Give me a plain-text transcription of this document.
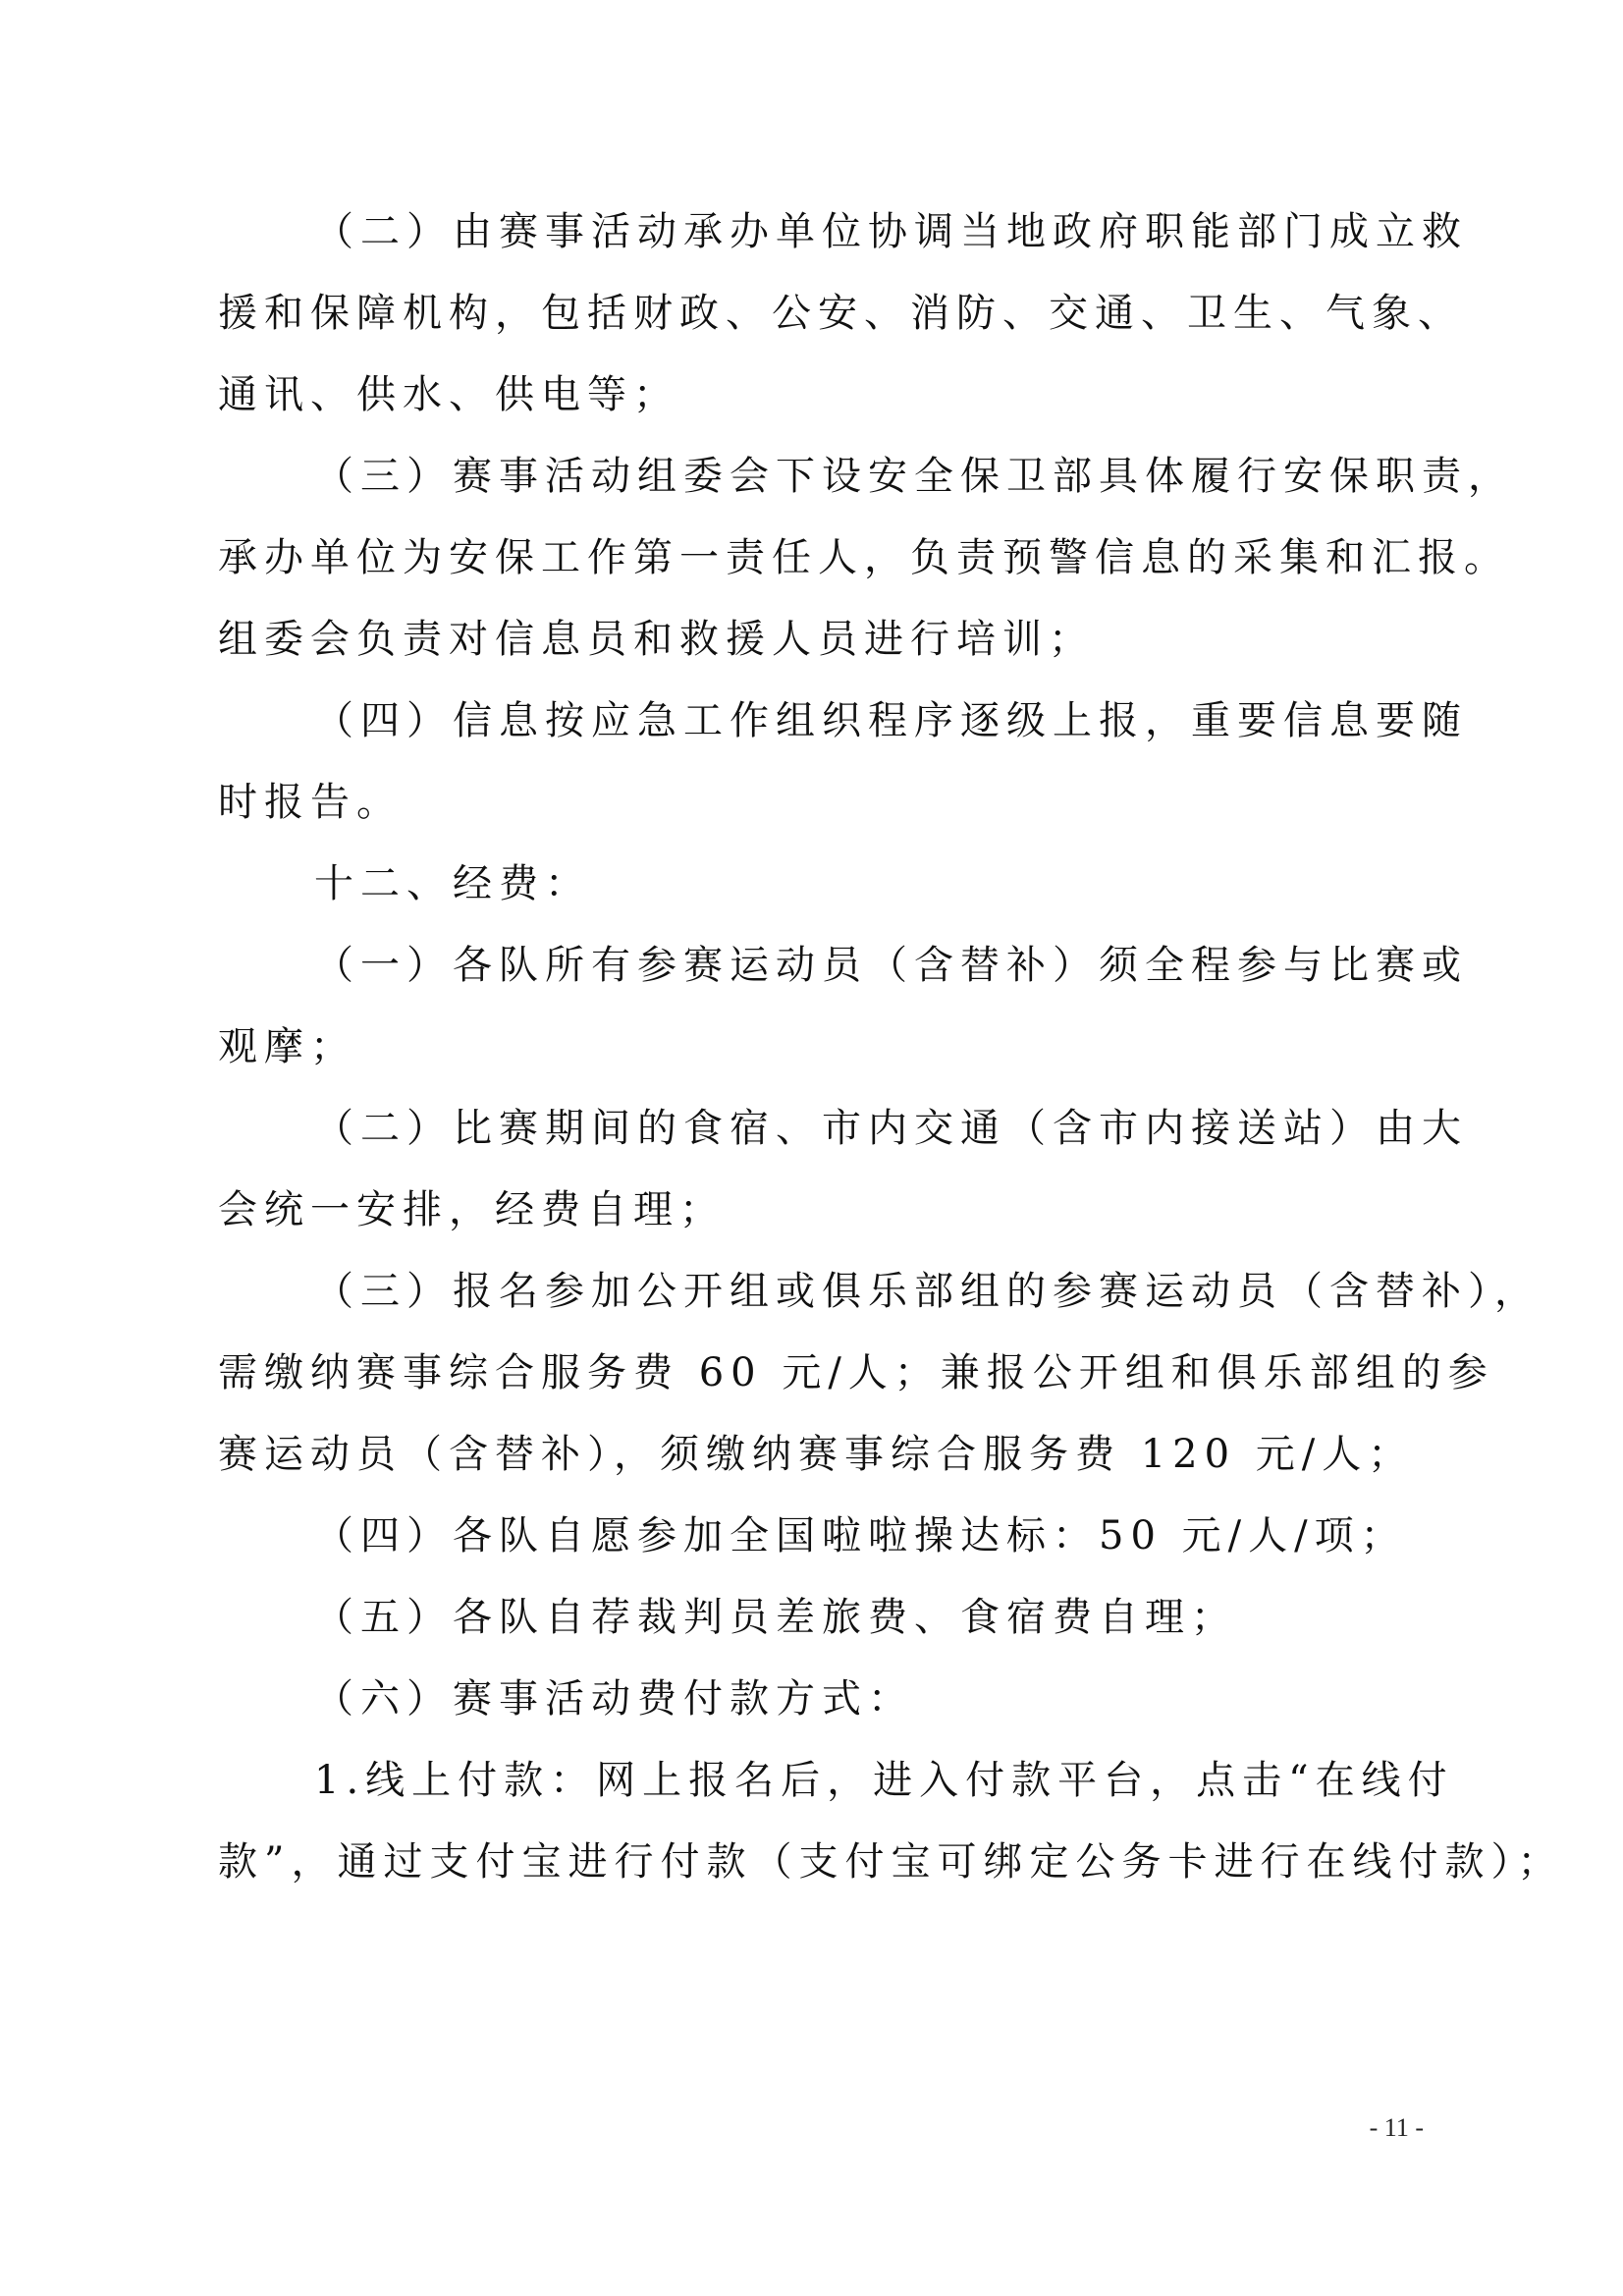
（二）由赛事活动承办单位协调当地政府职能部门成立救
援和保障机构，包括财政、公安、消防、交通、卫生、气象、
通讯、供水、供电等；
（三）赛事活动组委会下设安全保卫部具体履行安保职责，
承办单位为安保工作第一责任人，负责预警信息的采集和汇报。
组委会负责对信息员和救援人员进行培训；
（四）信息按应急工作组织程序逐级上报，重要信息要随
时报告。
十二、经费：
（一）各队所有参赛运动员（含替补）须全程参与比赛或
观摩；
（二）比赛期间的食宿、市内交通（含市内接送站）由大
会统一安排，经费自理；
（三）报名参加公开组或俱乐部组的参赛运动员（含替补），
需缴纳赛事综合服务费 60 元/人；兼报公开组和俱乐部组的参
赛运动员（含替补），须缴纳赛事综合服务费 120 元/人；
（四）各队自愿参加全国啦啦操达标：50 元/人/项；
（五）各队自荐裁判员差旅费、食宿费自理；
（六）赛事活动费付款方式：
1.线上付款：网上报名后，进入付款平台，点击“在线付
款”，通过支付宝进行付款（支付宝可绑定公务卡进行在线付款）；
- 11 -
